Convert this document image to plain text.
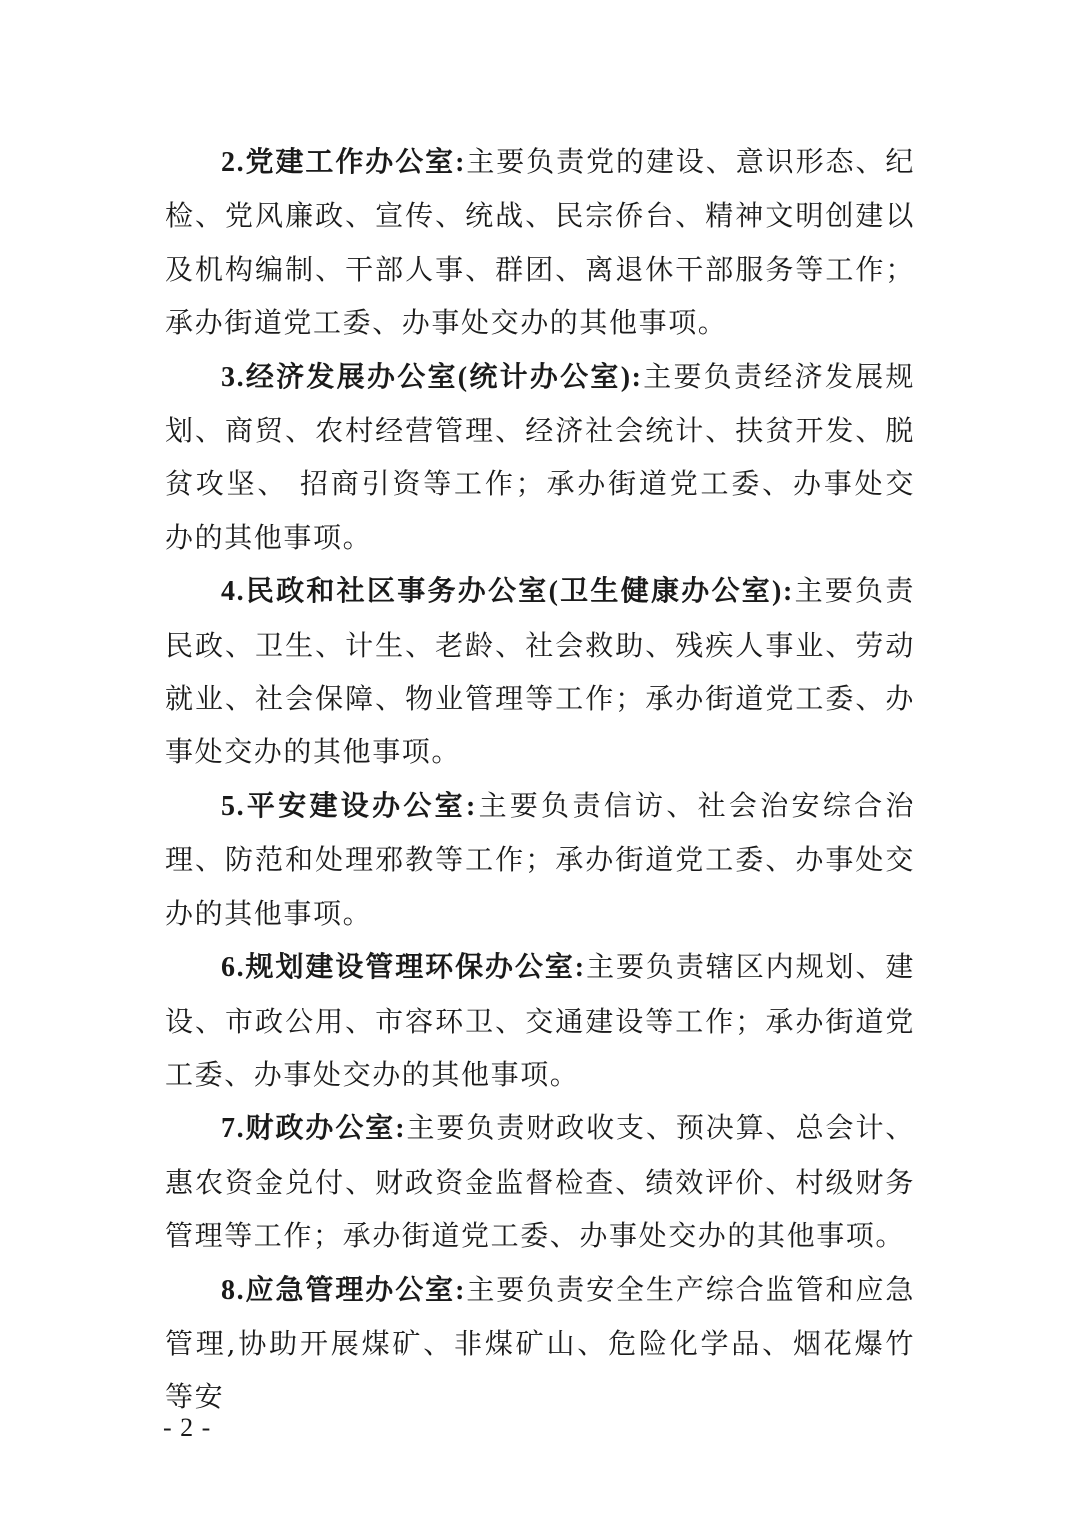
2.党建工作办公室:主要负责党的建设、意识形态、纪检、党风廉政、宣传、统战、民宗侨台、精神文明创建以及机构编制、干部人事、群团、离退休干部服务等工作；承办街道党工委、办事处交办的其他事项。

3.经济发展办公室(统计办公室):主要负责经济发展规划、商贸、农村经营管理、经济社会统计、扶贫开发、脱贫攻坚、 招商引资等工作；承办街道党工委、办事处交办的其他事项。

4.民政和社区事务办公室(卫生健康办公室):主要负责民政、卫生、计生、老龄、社会救助、残疾人事业、劳动就业、社会保障、物业管理等工作；承办街道党工委、办事处交办的其他事项。

5.平安建设办公室:主要负责信访、社会治安综合治理、防范和处理邪教等工作；承办街道党工委、办事处交办的其他事项。

6.规划建设管理环保办公室:主要负责辖区内规划、建设、市政公用、市容环卫、交通建设等工作；承办街道党工委、办事处交办的其他事项。

7.财政办公室:主要负责财政收支、预决算、总会计、惠农资金兑付、财政资金监督检查、绩效评价、村级财务管理等工作；承办街道党工委、办事处交办的其他事项。

8.应急管理办公室:主要负责安全生产综合监管和应急管理,协助开展煤矿、非煤矿山、危险化学品、烟花爆竹等安

- 2 -
